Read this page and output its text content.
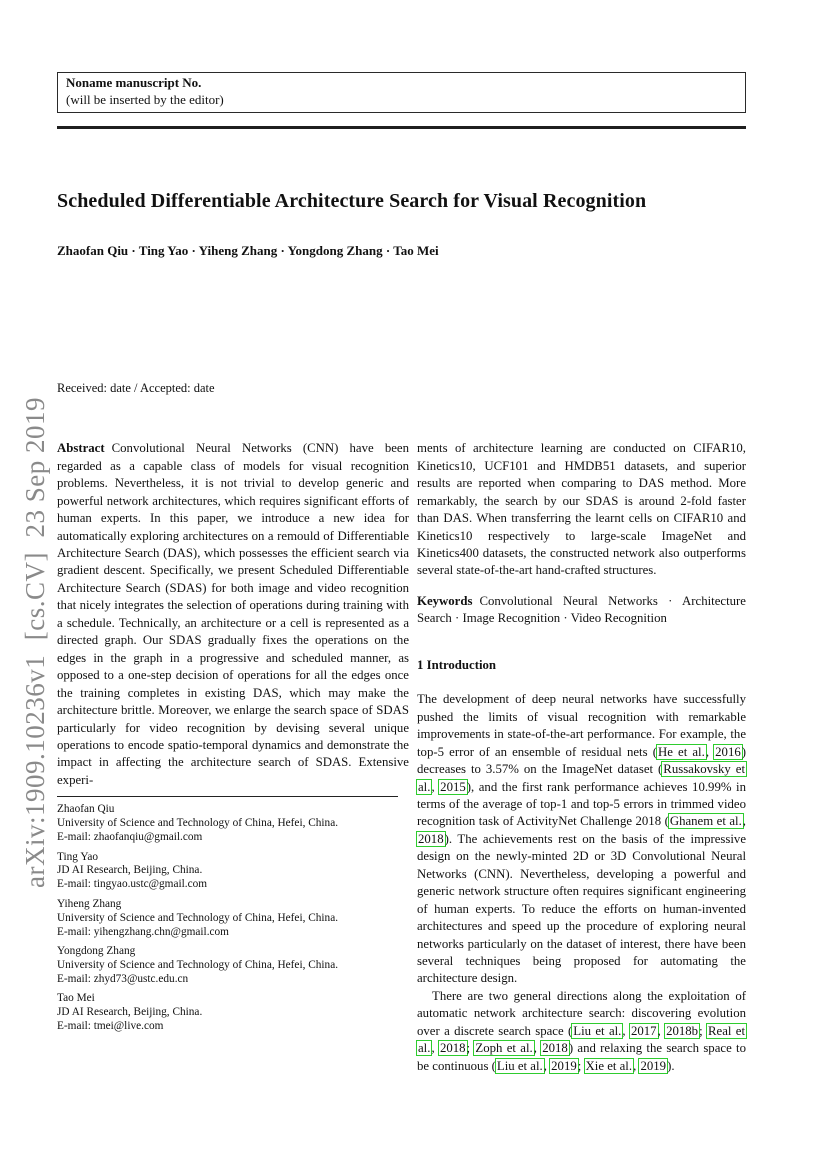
arXiv:1909.10236v1  [cs.CV]  23 Sep 2019
Noname manuscript No.
(will be inserted by the editor)
Scheduled Differentiable Architecture Search for Visual Recognition
Zhaofan Qiu · Ting Yao · Yiheng Zhang · Yongdong Zhang · Tao Mei
Received: date / Accepted: date

Abstract Convolutional Neural Networks (CNN) have been regarded as a capable class of models for visual recognition problems. Nevertheless, it is not trivial to develop generic and powerful network architectures, which requires significant efforts of human experts. In this paper, we introduce a new idea for automatically exploring architectures on a remould of Differentiable Architecture Search (DAS), which possesses the efficient search via gradient descent. Specifically, we present Scheduled Differentiable Architecture Search (SDAS) for both image and video recognition that nicely integrates the selection of operations during training with a schedule. Technically, an architecture or a cell is represented as a directed graph. Our SDAS gradually fixes the operations on the edges in the graph in a progressive and scheduled manner, as opposed to a one-step decision of operations for all the edges once the training completes in existing DAS, which may make the architecture brittle. Moreover, we enlarge the search space of SDAS particularly for video recognition by devising several unique operations to encode spatio-temporal dynamics and demonstrate the impact in affecting the architecture search of SDAS. Extensive experi-

Zhaofan Qiu
University of Science and Technology of China, Hefei, China.
E-mail: zhaofanqiu@gmail.com
Ting Yao
JD AI Research, Beijing, China.
E-mail: tingyao.ustc@gmail.com
Yiheng Zhang
University of Science and Technology of China, Hefei, China.
E-mail: yihengzhang.chn@gmail.com
Yongdong Zhang
University of Science and Technology of China, Hefei, China.
E-mail: zhyd73@ustc.edu.cn
Tao Mei
JD AI Research, Beijing, China.
E-mail: tmei@live.com

ments of architecture learning are conducted on CIFAR10, Kinetics10, UCF101 and HMDB51 datasets, and superior results are reported when comparing to DAS method. More remarkably, the search by our SDAS is around 2-fold faster than DAS. When transferring the learnt cells on CIFAR10 and Kinetics10 respectively to large-scale ImageNet and Kinetics400 datasets, the constructed network also outperforms several state-of-the-art hand-crafted structures.

Keywords Convolutional Neural Networks · Architecture Search · Image Recognition · Video Recognition

1 Introduction

The development of deep neural networks have successfully pushed the limits of visual recognition with remarkable improvements in state-of-the-art performance. For example, the top-5 error of an ensemble of residual nets (He et al., 2016) decreases to 3.57% on the ImageNet dataset (Russakovsky et al., 2015), and the first rank performance achieves 10.99% in terms of the average of top-1 and top-5 errors in trimmed video recognition task of ActivityNet Challenge 2018 (Ghanem et al., 2018). The achievements rest on the basis of the impressive design on the newly-minted 2D or 3D Convolutional Neural Networks (CNN). Nevertheless, developing a powerful and generic network structure often requires significant engineering of human experts. To reduce the efforts on human-invented architectures and speed up the procedure of exploring neural networks particularly on the dataset of interest, there have been several techniques being proposed for automating the architecture design.

There are two general directions along the exploitation of automatic network architecture search: discovering evolution over a discrete search space (Liu et al., 2017, 2018b; Real et al., 2018; Zoph et al., 2018) and relaxing the search space to be continuous (Liu et al., 2019; Xie et al., 2019).
